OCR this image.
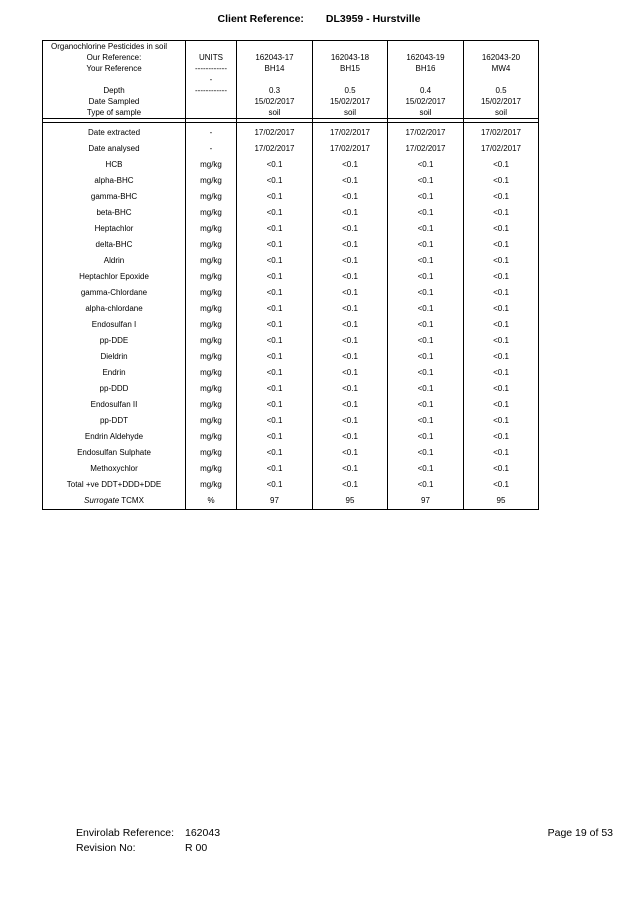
Client Reference: DL3959 - Hurstville
Organochlorine Pesticides in soil					
Our Reference:	UNITS	162043-17	162043-18	162043-19	162043-20
Your Reference	------------	BH14	BH15	BH16	MW4
	-				
Depth	------------	0.3	0.5	0.4	0.5
Date Sampled		15/02/2017	15/02/2017	15/02/2017	15/02/2017
Type of sample		soil	soil	soil	soil

Date extracted	-	17/02/2017	17/02/2017	17/02/2017	17/02/2017
Date analysed	-	17/02/2017	17/02/2017	17/02/2017	17/02/2017
HCB	mg/kg	<0.1	<0.1	<0.1	<0.1
alpha-BHC	mg/kg	<0.1	<0.1	<0.1	<0.1
gamma-BHC	mg/kg	<0.1	<0.1	<0.1	<0.1
beta-BHC	mg/kg	<0.1	<0.1	<0.1	<0.1
Heptachlor	mg/kg	<0.1	<0.1	<0.1	<0.1
delta-BHC	mg/kg	<0.1	<0.1	<0.1	<0.1
Aldrin	mg/kg	<0.1	<0.1	<0.1	<0.1
Heptachlor Epoxide	mg/kg	<0.1	<0.1	<0.1	<0.1
gamma-Chlordane	mg/kg	<0.1	<0.1	<0.1	<0.1
alpha-chlordane	mg/kg	<0.1	<0.1	<0.1	<0.1
Endosulfan I	mg/kg	<0.1	<0.1	<0.1	<0.1
pp-DDE	mg/kg	<0.1	<0.1	<0.1	<0.1
Dieldrin	mg/kg	<0.1	<0.1	<0.1	<0.1
Endrin	mg/kg	<0.1	<0.1	<0.1	<0.1
pp-DDD	mg/kg	<0.1	<0.1	<0.1	<0.1
Endosulfan II	mg/kg	<0.1	<0.1	<0.1	<0.1
pp-DDT	mg/kg	<0.1	<0.1	<0.1	<0.1
Endrin Aldehyde	mg/kg	<0.1	<0.1	<0.1	<0.1
Endosulfan Sulphate	mg/kg	<0.1	<0.1	<0.1	<0.1
Methoxychlor	mg/kg	<0.1	<0.1	<0.1	<0.1
Total +ve DDT+DDD+DDE	mg/kg	<0.1	<0.1	<0.1	<0.1
Surrogate TCMX	%	97	95	97	95
Envirolab Reference: 162043
Revision No:	R 00
Page 19 of 53
